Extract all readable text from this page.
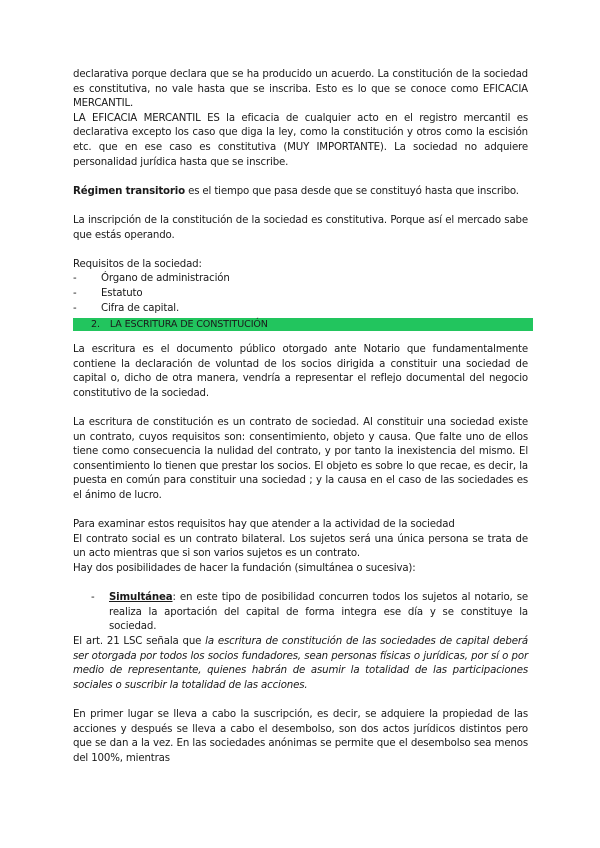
declarativa porque declara que se ha producido un acuerdo. La constitución de la sociedad es constitutiva, no vale hasta que se inscriba. Esto es lo que se conoce como EFICACIA MERCANTIL.

LA EFICACIA MERCANTIL ES la eficacia de cualquier acto en el registro mercantil es declarativa excepto los caso que diga la ley, como la constitución y otros como la escisión etc. que en ese caso es constitutiva (MUY IMPORTANTE). La sociedad no adquiere personalidad jurídica hasta que se inscribe.

Régimen transitorio es el tiempo que pasa desde que se constituyó hasta que inscribo.

La inscripción de la constitución de la sociedad es constitutiva. Porque así el mercado sabe que estás operando.

Requisitos de la sociedad:

- Órgano de administración
- Estatuto
- Cifra de capital.
2. LA ESCRITURA DE CONSTITUCIÓN

La escritura es el documento público otorgado ante Notario que fundamentalmente contiene la declaración de voluntad de los socios dirigida a constituir una sociedad de capital o, dicho de otra manera, vendría a representar el reflejo documental del negocio constitutivo de la sociedad.

La escritura de constitución es un contrato de sociedad. Al constituir una sociedad existe un contrato, cuyos requisitos son: consentimiento, objeto y causa. Que falte uno de ellos tiene como consecuencia la nulidad del contrato, y por tanto la inexistencia del mismo. El consentimiento lo tienen que prestar los socios. El objeto es sobre lo que recae, es decir, la puesta en común para constituir una sociedad ; y la causa en el caso de las sociedades es el ánimo de lucro.

Para examinar estos requisitos hay que atender a la actividad de la sociedad

El contrato social es un contrato bilateral. Los sujetos será una única persona se trata de un acto mientras que si son varios sujetos es un contrato.

Hay dos posibilidades de hacer la fundación (simultánea o sucesiva):

- Simultánea: en este tipo de posibilidad concurren todos los sujetos al notario, se realiza la aportación del capital de forma integra ese día y se constituye la sociedad.

El art. 21 LSC señala que la escritura de constitución de las sociedades de capital deberá ser otorgada por todos los socios fundadores, sean personas físicas o jurídicas, por sí o por medio de representante, quienes habrán de asumir la totalidad de las participaciones sociales o suscribir la totalidad de las acciones.

En primer lugar se lleva a cabo la suscripción, es decir, se adquiere la propiedad de las acciones y después se lleva a cabo el desembolso, son dos actos jurídicos distintos pero que se dan a la vez. En las sociedades anónimas se permite que el desembolso sea menos del 100%, mientras
